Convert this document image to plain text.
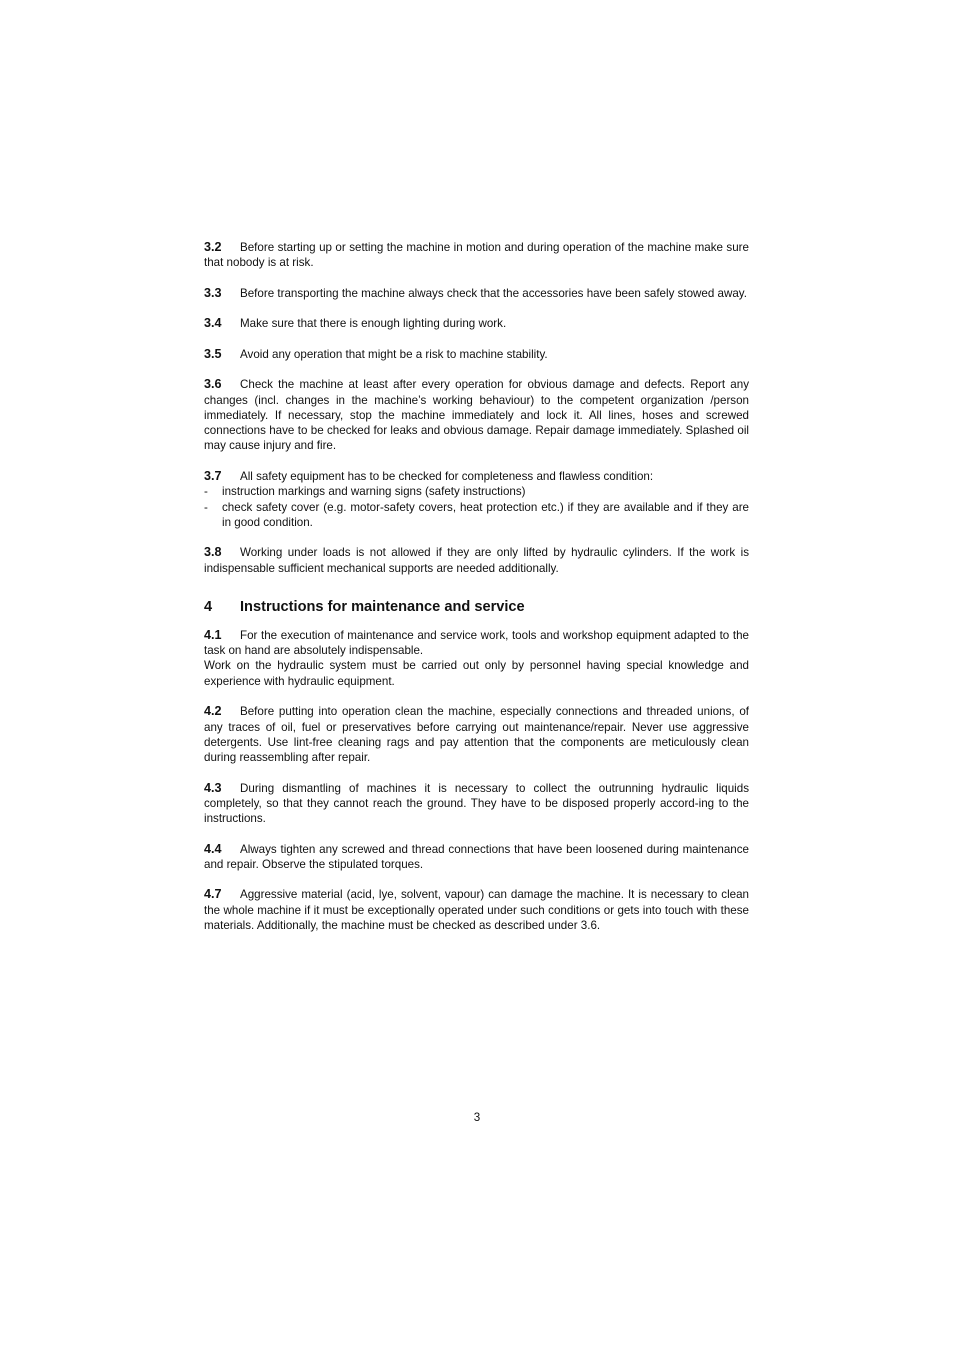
3.2 Before starting up or setting the machine in motion and during operation of the machine make sure that nobody is at risk.

3.3 Before transporting the machine always check that the accessories have been safely stowed away.

3.4 Make sure that there is enough lighting during work.

3.5 Avoid any operation that might be a risk to machine stability.

3.6 Check the machine at least after every operation for obvious damage and defects. Report any changes (incl. changes in the machine’s working behaviour) to the competent organization /person immediately. If necessary, stop the machine immediately and lock it. All lines, hoses and screwed connections have to be checked for leaks and obvious damage. Repair damage immediately. Splashed oil may cause injury and fire.

3.7 All safety equipment has to be checked for completeness and flawless condition:
- instruction markings and warning signs (safety instructions)
- check safety cover (e.g. motor-safety covers, heat protection etc.) if they are available and if they are in good condition.

3.8 Working under loads is not allowed if they are only lifted by hydraulic cylinders. If the work is indispensable sufficient mechanical supports are needed additionally.

4 Instructions for maintenance and service
4.1 For the execution of maintenance and service work, tools and workshop equipment adapted to the task on hand are absolutely indispensable.
Work on the hydraulic system must be carried out only by personnel having special knowledge and experience with hydraulic equipment.

4.2 Before putting into operation clean the machine, especially connections and threaded unions, of any traces of oil, fuel or preservatives before carrying out maintenance/repair. Never use aggressive detergents. Use lint-free cleaning rags and pay attention that the components are meticulously clean during reassembling after repair.

4.3 During dismantling of machines it is necessary to collect the outrunning hydraulic liquids completely, so that they cannot reach the ground. They have to be disposed properly accord-ing to the instructions.

4.4 Always tighten any screwed and thread connections that have been loosened during maintenance and repair. Observe the stipulated torques.

4.7 Aggressive material (acid, lye, solvent, vapour) can damage the machine. It is necessary to clean the whole machine if it must be exceptionally operated under such conditions or gets into touch with these materials. Additionally, the machine must be checked as described under 3.6.

3
